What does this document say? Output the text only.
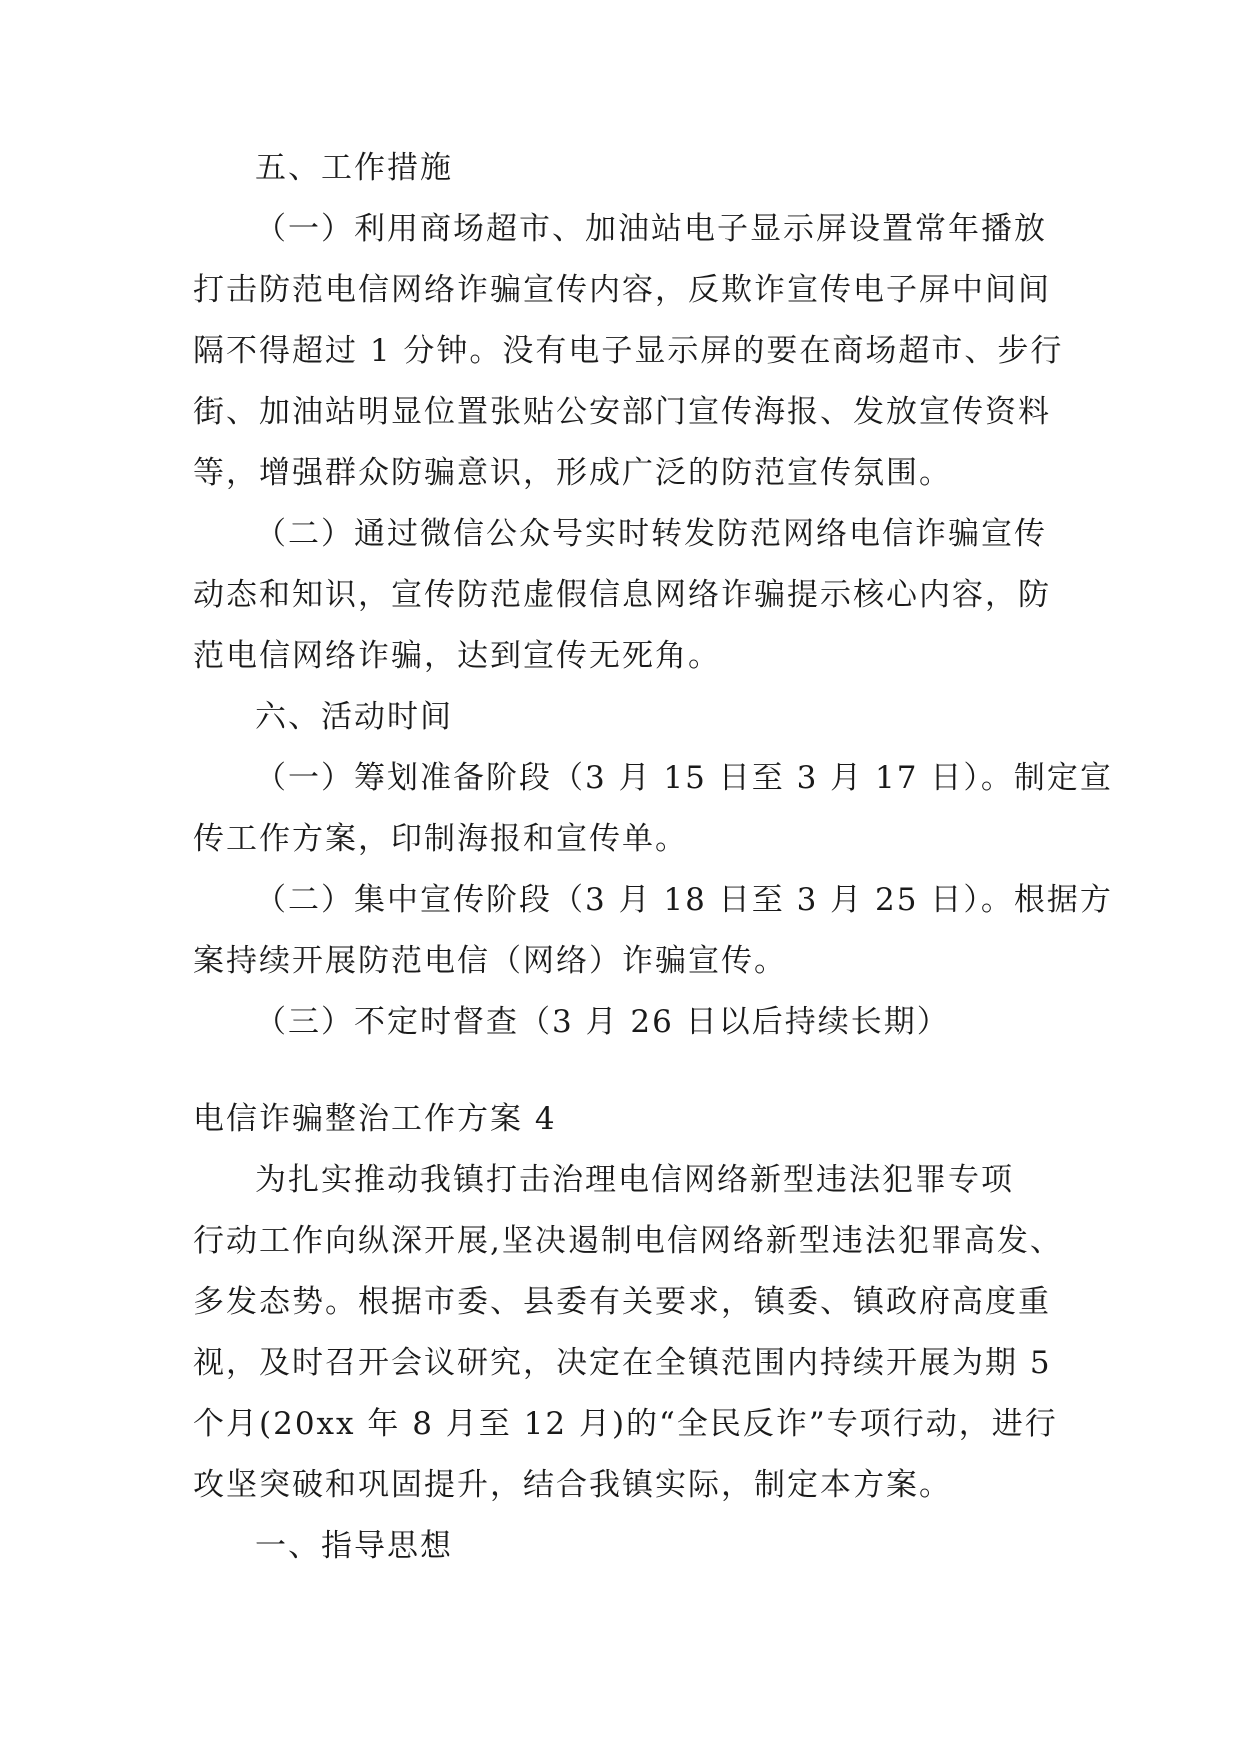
五、工作措施
（一）利用商场超市、加油站电子显示屏设置常年播放
打击防范电信网络诈骗宣传内容，反欺诈宣传电子屏中间间
隔不得超过 1 分钟。没有电子显示屏的要在商场超市、步行
街、加油站明显位置张贴公安部门宣传海报、发放宣传资料
等，增强群众防骗意识，形成广泛的防范宣传氛围。
（二）通过微信公众号实时转发防范网络电信诈骗宣传
动态和知识，宣传防范虚假信息网络诈骗提示核心内容，防
范电信网络诈骗，达到宣传无死角。
六、活动时间
（一）筹划准备阶段（3 月 15 日至 3 月 17 日）。制定宣
传工作方案，印制海报和宣传单。
（二）集中宣传阶段（3 月 18 日至 3 月 25 日）。根据方
案持续开展防范电信（网络）诈骗宣传。
（三）不定时督查（3 月 26 日以后持续长期）
电信诈骗整治工作方案 4
为扎实推动我镇打击治理电信网络新型违法犯罪专项
行动工作向纵深开展,坚决遏制电信网络新型违法犯罪高发、
多发态势。根据市委、县委有关要求，镇委、镇政府高度重
视，及时召开会议研究，决定在全镇范围内持续开展为期 5
个月(20xx 年 8 月至 12 月)的“全民反诈”专项行动，进行
攻坚突破和巩固提升，结合我镇实际，制定本方案。
一、指导思想
